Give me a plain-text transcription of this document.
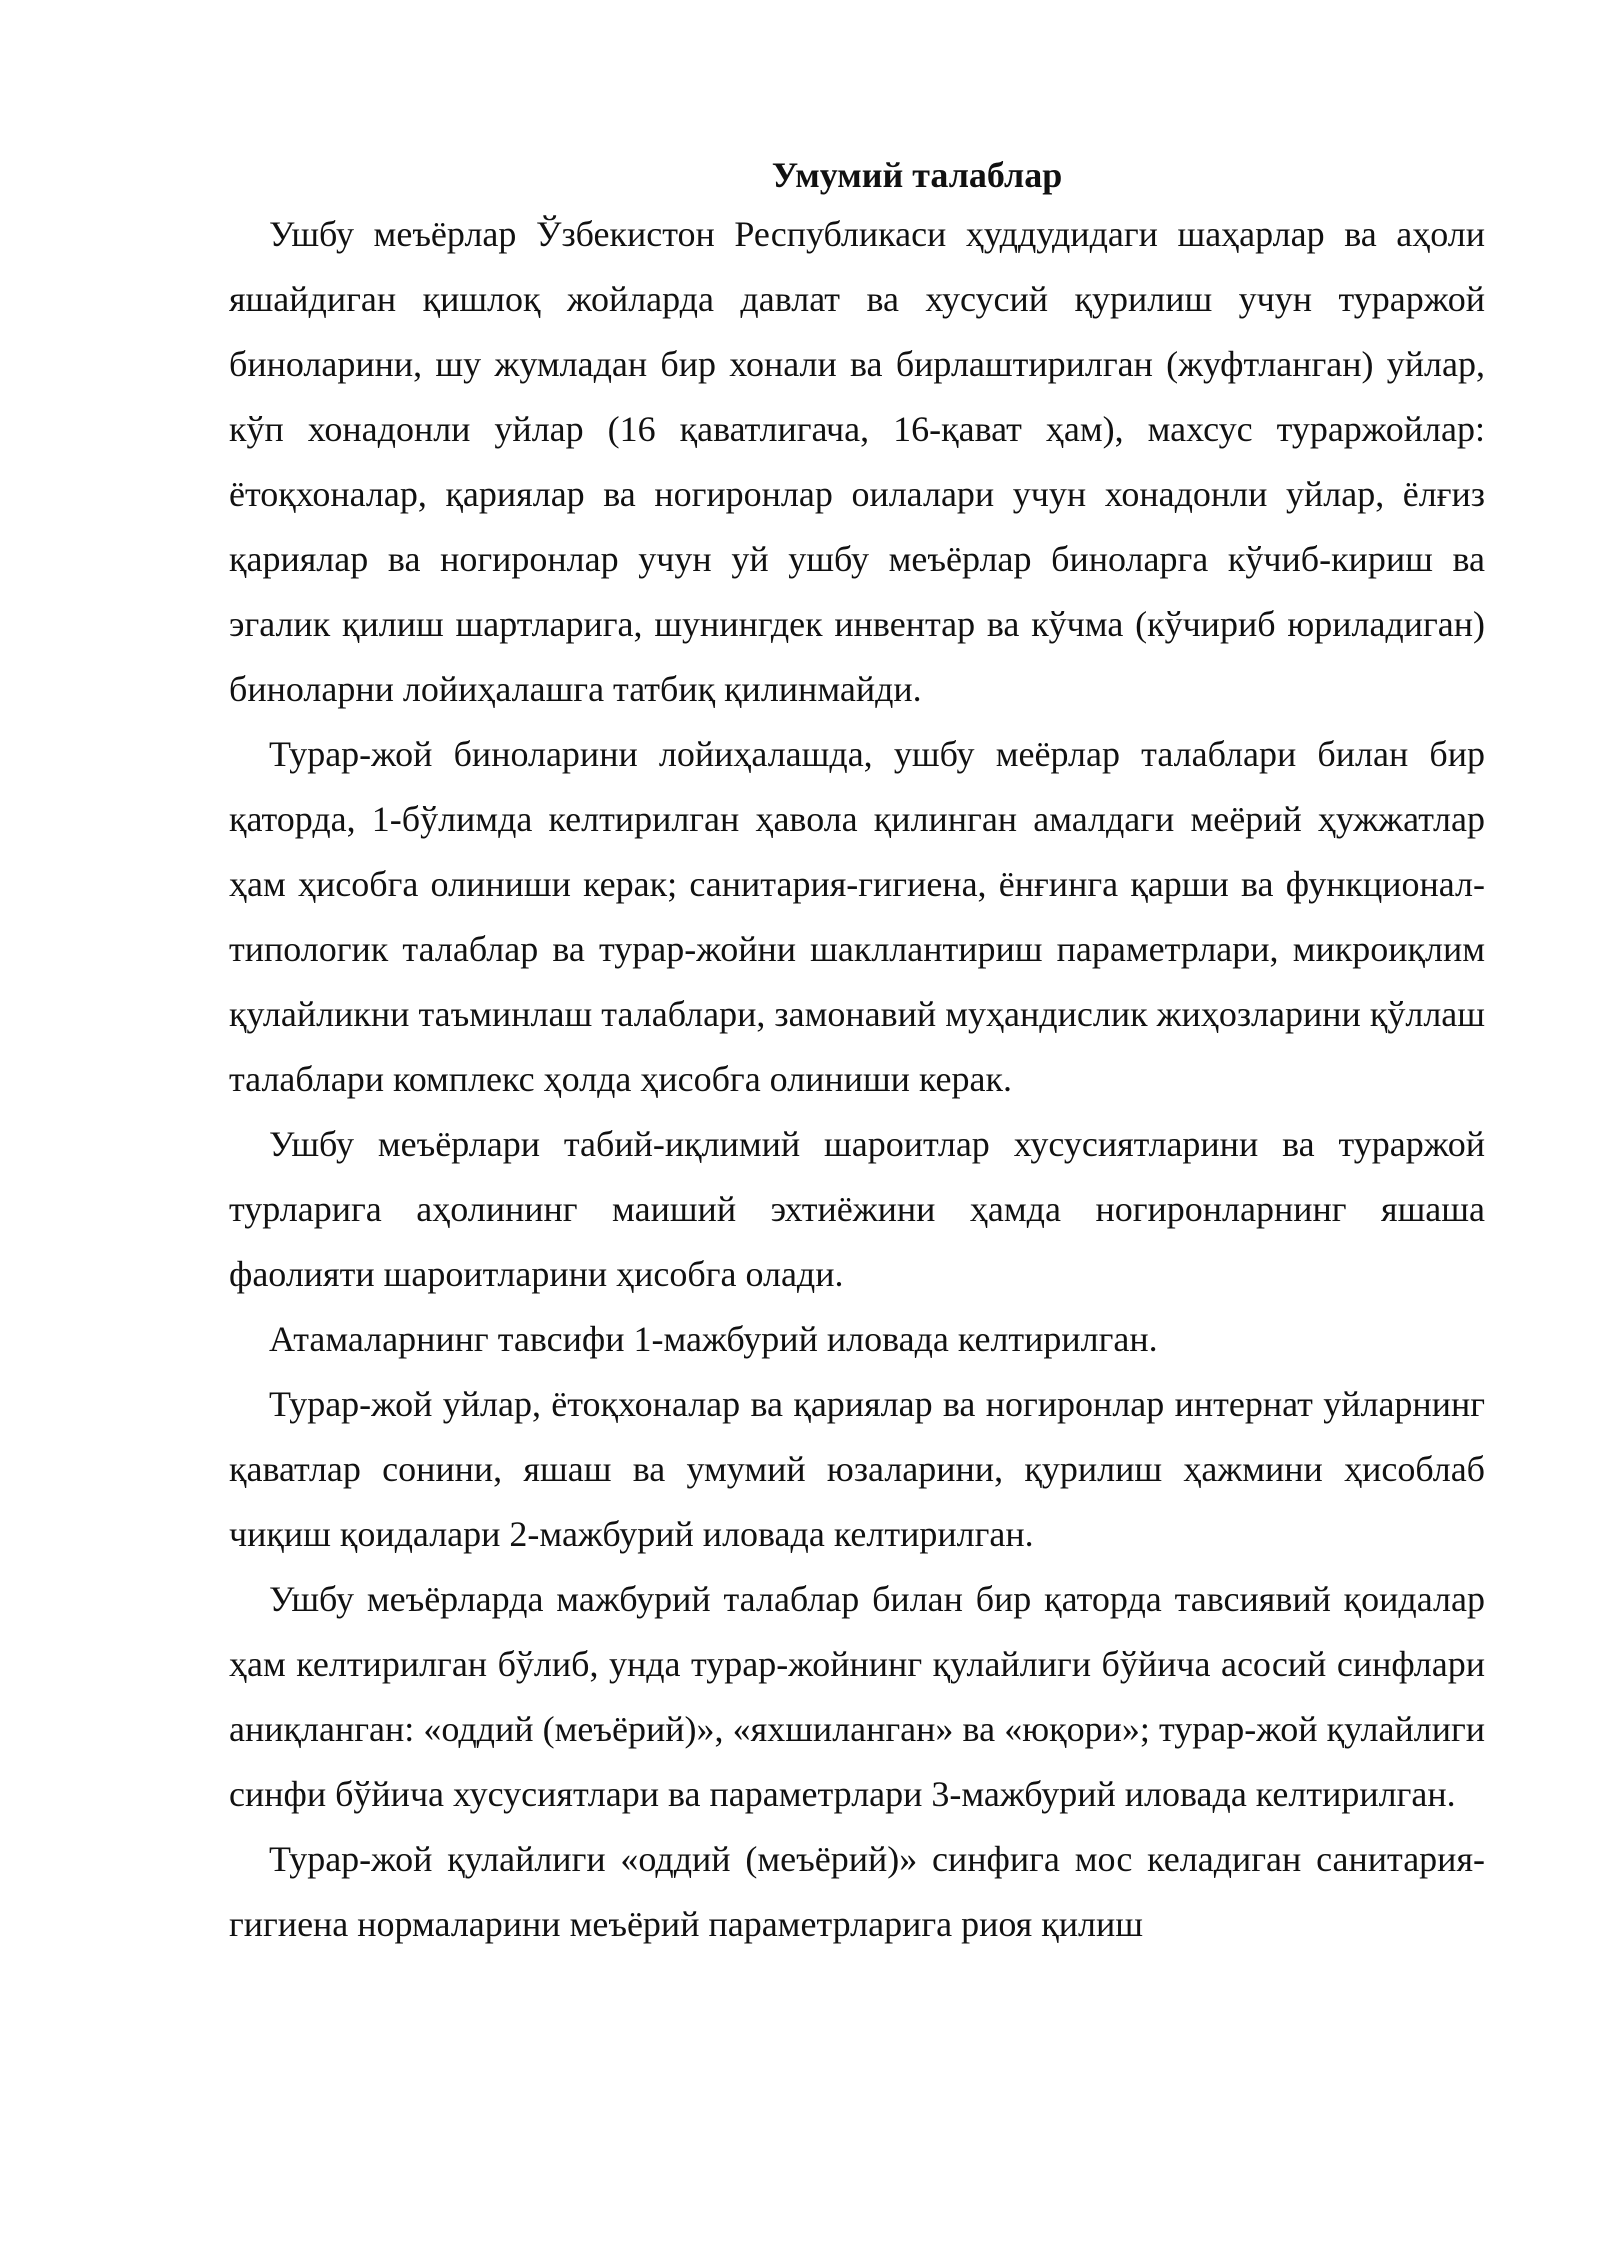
Умумий талаблар

Ушбу меъёрлар Ўзбекистон Республикаси ҳуддудидаги шаҳарлар ва аҳоли яшайдиган қишлоқ жойларда давлат ва хусусий қурилиш учун тураржой биноларини, шу жумладан бир хонали ва бирлаштирилган (жуфтланган) уйлар, кўп хонадонли уйлар (16 қаватлигача, 16-қават ҳам), махсус тураржойлар: ётоқхоналар, қариялар ва ногиронлар оилалари учун хонадонли уйлар, ёлғиз қариялар ва ногиронлар учун уй ушбу меъёрлар биноларга кўчиб-кириш ва эгалик қилиш шартларига, шунингдек инвентар ва кўчма (кўчириб юриладиган) биноларни лойиҳалашга татбиқ қилинмайди.

Турар-жой биноларини лойиҳалашда, ушбу меёрлар талаблари билан бир қаторда, 1-бўлимда келтирилган ҳавола қилинган амалдаги меёрий ҳужжатлар ҳам ҳисобга олиниши керак; санитария-гигиена, ёнғинга қарши ва функционал-типологик талаблар ва турар-жойни шакллантириш параметрлари, микроиқлим қулайликни таъминлаш талаблари, замонавий муҳандислик жиҳозларини қўллаш талаблари комплекс ҳолда ҳисобга олиниши керак.

Ушбу меъёрлари табий-иқлимий шароитлар хусусиятларини ва тураржой турларига аҳолининг маиший эхтиёжини ҳамда ногиронларнинг яшаша фаолияти шароитларини ҳисобга олади.

Атамаларнинг тавсифи 1-мажбурий иловада келтирилган.

Турар-жой уйлар, ётоқхоналар ва қариялар ва ногиронлар интернат уйларнинг қаватлар сонини, яшаш ва умумий юзаларини, қурилиш ҳажмини ҳисоблаб чиқиш қоидалари 2-мажбурий иловада келтирилган.

Ушбу меъёрларда мажбурий талаблар билан бир қаторда тавсиявий қоидалар ҳам келтирилган бўлиб, унда турар-жойнинг қулайлиги бўйича асосий синфлари аниқланган: «оддий (меъёрий)», «яхшиланган» ва «юқори»; турар-жой қулайлиги синфи бўйича хусусиятлари ва параметрлари 3-мажбурий иловада келтирилган.

Турар-жой қулайлиги «оддий (меъёрий)» синфига мос келадиган санитария-гигиена нормаларини меъёрий параметрларига риоя қилиш
